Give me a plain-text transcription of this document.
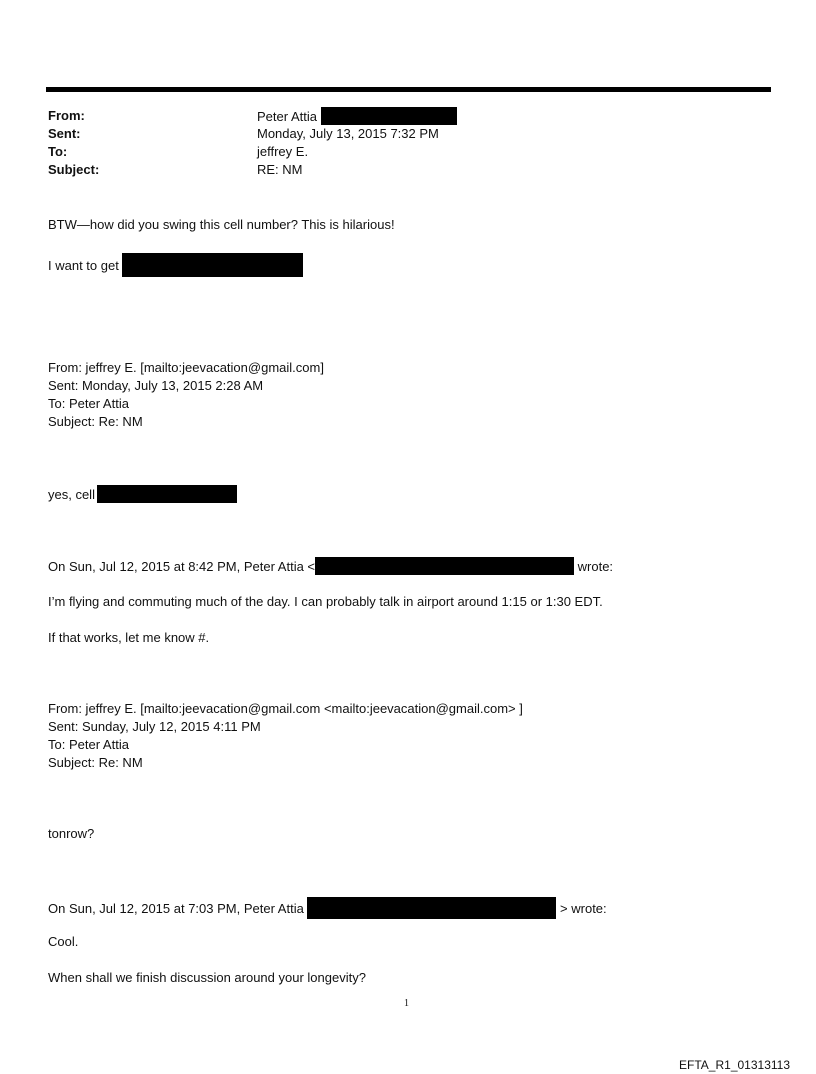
From:	Peter Attia
Sent:	Monday, July 13, 2015 7:32 PM
To:	jeffrey E.
Subject:	RE: NM
BTW—how did you swing this cell number? This is hilarious!
I want to get
From: jeffrey E. [mailto:jeevacation@gmail.com]
Sent: Monday, July 13, 2015 2:28 AM
To: Peter Attia
Subject: Re: NM
yes, cell
On Sun, Jul 12, 2015 at 8:42 PM, Peter Attia <	wrote:
I’m flying and commuting much of the day. I can probably talk in airport around 1:15 or 1:30 EDT.
If that works, let me know #.
From: jeffrey E. [mailto:jeevacation@gmail.com <mailto:jeevacation@gmail.com> ]
Sent: Sunday, July 12, 2015 4:11 PM
To: Peter Attia
Subject: Re: NM
tonrow?
On Sun, Jul 12, 2015 at 7:03 PM, Peter Attia	> wrote:
Cool.
When shall we finish discussion around your longevity?
1
EFTA_R1_01313113
